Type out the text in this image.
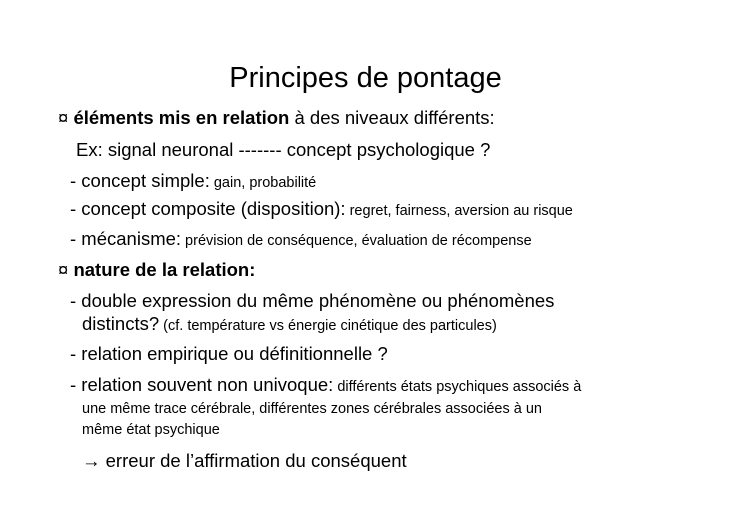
Principes de pontage
¤ éléments mis en relation à des niveaux différents:
Ex: signal neuronal ------- concept psychologique ?
- concept simple: gain, probabilité
- concept composite (disposition): regret, fairness, aversion au risque
- mécanisme: prévision de conséquence, évaluation de récompense
¤ nature de la relation:
- double expression du même phénomène ou phénomènes
distincts? (cf. température vs énergie cinétique des particules)
- relation empirique ou définitionnelle ?
- relation souvent non univoque: différents états psychiques associés à
une même trace cérébrale, différentes zones cérébrales associées à un
même état psychique
→ erreur de l’affirmation du conséquent
